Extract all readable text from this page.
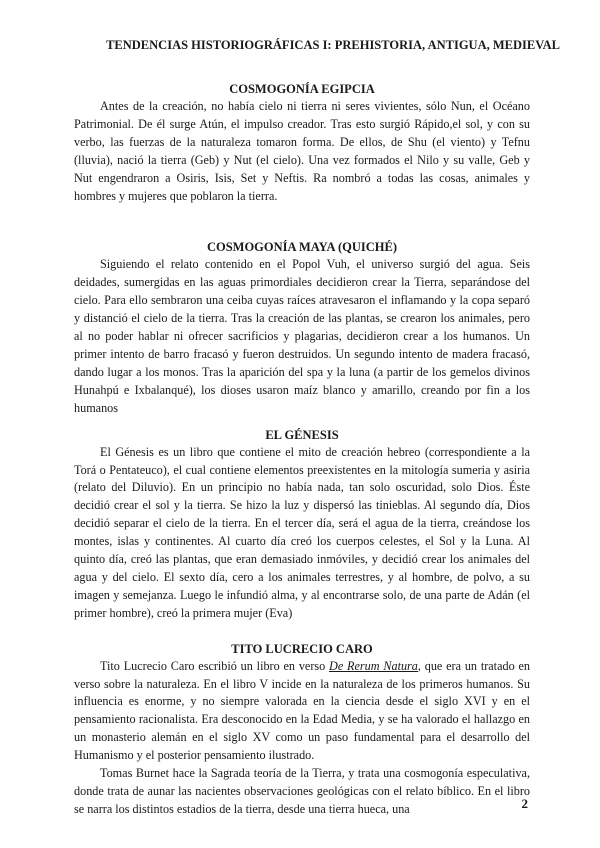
TENDENCIAS HISTORIOGRÁFICAS I: PREHISTORIA, ANTIGUA, MEDIEVAL
COSMOGONÍA EGIPCIA

Antes de la creación, no había cielo ni tierra ni seres vivientes, sólo Nun, el Océano Patrimonial. De él surge Atún, el impulso creador. Tras esto surgió Rápido,el sol, y con su verbo, las fuerzas de la naturaleza tomaron forma. De ellos, de Shu (el viento) y Tefnu (lluvia), nació la tierra (Geb) y Nut (el cielo). Una vez formados el Nilo y su valle, Geb y Nut engendraron a Osiris, Isis, Set y Neftis. Ra nombró a todas las cosas, animales y hombres y mujeres que poblaron la tierra.

COSMOGONÍA MAYA (QUICHÉ)

Siguiendo el relato contenido en el Popol Vuh, el universo surgió del agua. Seis deidades, sumergidas en las aguas primordiales decidieron crear la Tierra, separándose del cielo. Para ello sembraron una ceiba cuyas raíces atravesaron el inflamando y la copa separó y distanció el cielo de la tierra. Tras la creación de las plantas, se crearon los animales, pero al no poder hablar ni ofrecer sacrificios y plagarias, decidieron crear a los humanos. Un primer intento de barro fracasó y fueron destruidos. Un segundo intento de madera fracasó, dando lugar a los monos. Tras la aparición del spa y la luna (a partir de los gemelos divinos Hunahpú e Ixbalanqué), los dioses usaron maíz blanco y amarillo, creando por fin a los humanos

EL GÉNESIS

El Génesis es un libro que contiene el mito de creación hebreo (correspondiente a la Torá o Pentateuco), el cual contiene elementos preexistentes en la mitología sumeria y asiria (relato del Diluvio). En un principio no había nada, tan solo oscuridad, solo Dios. Éste decidió crear el sol y la tierra. Se hizo la luz y dispersó las tinieblas. Al segundo día, Dios decidió separar el cielo de la tierra. En el tercer día, será el agua de la tierra, creándose los montes, islas y continentes. Al cuarto día creó los cuerpos celestes, el Sol y la Luna. Al quinto día, creó las plantas, que eran demasiado inmóviles, y decidió crear los animales del agua y del cielo. El sexto día, cero a los animales terrestres, y al hombre, de polvo, a su imagen y semejanza. Luego le infundió alma, y al encontrarse solo, de una parte de Adán (el primer hombre), creó la primera mujer (Eva)

TITO LUCRECIO CARO

Tito Lucrecio Caro escribió un libro en verso De Rerum Natura, que era un tratado en verso sobre la naturaleza. En el libro V incide en la naturaleza de los primeros humanos. Su influencia es enorme, y no siempre valorada en la ciencia desde el siglo XVI y en el pensamiento racionalista. Era desconocido en la Edad Media, y se ha valorado el hallazgo en un monasterio alemán en el siglo XV como un paso fundamental para el desarrollo del Humanismo y el posterior pensamiento ilustrado.

Tomas Burnet hace la Sagrada teoría de la Tierra, y trata una cosmogonía especulativa, donde trata de aunar las nacientes observaciones geológicas con el relato bíblico. En el libro se narra los distintos estadios de la tierra, desde una tierra hueca, una	2
